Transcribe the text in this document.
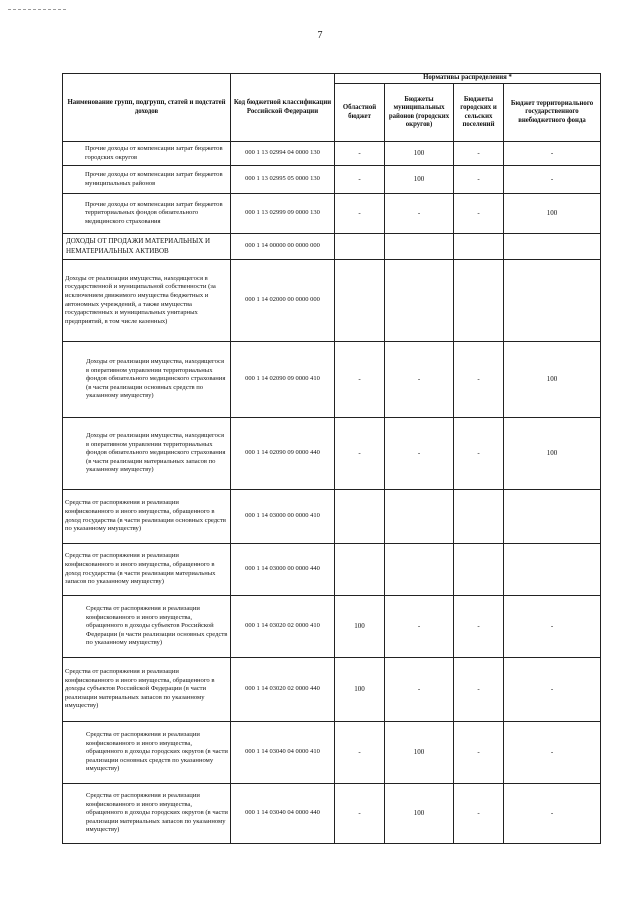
7
Наименование групп, подгрупп, статей и подстатей доходов	Код бюджетной классификации Российской Федерации	Нормативы распределения *			
		Областной бюджет	Бюджеты муниципальных районов (городских округов)	Бюджеты городских и сельских поселений	Бюджет территориального государственного внебюджетного фонда
Прочие доходы от компенсации затрат бюджетов городских округов	000 1 13 02994 04 0000 130	-	100	-	-
Прочие доходы от компенсации затрат бюджетов муниципальных районов	000 1 13 02995 05 0000 130	-	100	-	-
Прочие доходы от компенсации затрат бюджетов территориальных фондов обязательного медицинского страхования	000 1 13 02999 09 0000 130	-	-	-	100
ДОХОДЫ ОТ ПРОДАЖИ МАТЕРИАЛЬНЫХ И НЕМАТЕРИАЛЬНЫХ АКТИВОВ	000 1 14 00000 00 0000 000				
Доходы от реализации имущества, находящегося в государственной и муниципальной собственности (за исключением движимого имущества бюджетных и автономных учреждений, а также имущества государственных и муниципальных унитарных предприятий, в том числе казенных)	000 1 14 02000 00 0000 000				
Доходы от реализации имущества, находящегося в оперативном управлении территориальных фондов обязательного медицинского страхования (в части реализации основных средств по указанному имуществу)	000 1 14 02090 09 0000 410	-	-	-	100
Доходы от реализации имущества, находящегося в оперативном управлении территориальных фондов обязательного медицинского страхования (в части реализации материальных запасов по указанному имуществу)	000 1 14 02090 09 0000 440	-	-	-	100
Средства от распоряжения и реализации конфискованного и иного имущества, обращенного в доход государства (в части реализации основных средств по указанному имуществу)	000 1 14 03000 00 0000 410				
Средства от распоряжения и реализации конфискованного и иного имущества, обращенного в доход государства (в части реализации материальных запасов по указанному имуществу)	000 1 14 03000 00 0000 440				
Средства от распоряжения и реализации конфискованного и иного имущества, обращенного в доходы субъектов Российской Федерации (в части реализации основных средств по указанному имуществу)	000 1 14 03020 02 0000 410	100	-	-	-
Средства от распоряжения и реализации конфискованного и иного имущества, обращенного в доходы субъектов Российской Федерации (в части реализации материальных запасов по указанному имуществу)	000 1 14 03020 02 0000 440	100	-	-	-
Средства от распоряжения и реализации конфискованного и иного имущества, обращенного в доходы городских округов (в части реализации основных средств по указанному имуществу)	000 1 14 03040 04 0000 410	-	100	-	-
Средства от распоряжения и реализации конфискованного и иного имущества, обращенного в доходы городских округов (в части реализации материальных запасов по указанному имуществу)	000 1 14 03040 04 0000 440	-	100	-	-
